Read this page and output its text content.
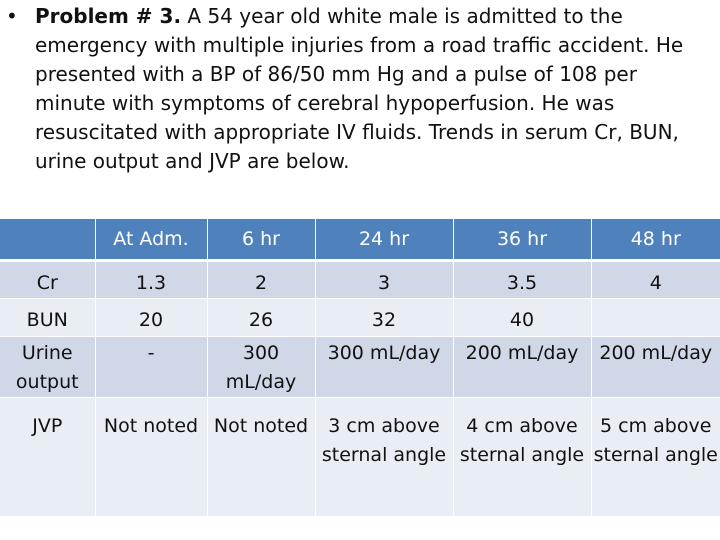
• Problem # 3. A 54 year old white male is admitted to the emergency with multiple injuries from a road traffic accident. He presented with a BP of 86/50 mm Hg and a pulse of 108 per minute with symptoms of cerebral hypoperfusion. He was resuscitated with appropriate IV fluids. Trends in serum Cr, BUN, urine output and JVP are below.
	At Adm.	6 hr	24 hr	36 hr	48 hr
Cr	1.3	2	3	3.5	4
BUN	20	26	32	40	
Urine output	-	300 mL/day	300 mL/day	200 mL/day	200 mL/day
JVP	Not noted	Not noted	3 cm above sternal angle	4 cm above sternal angle	5 cm above sternal angle
